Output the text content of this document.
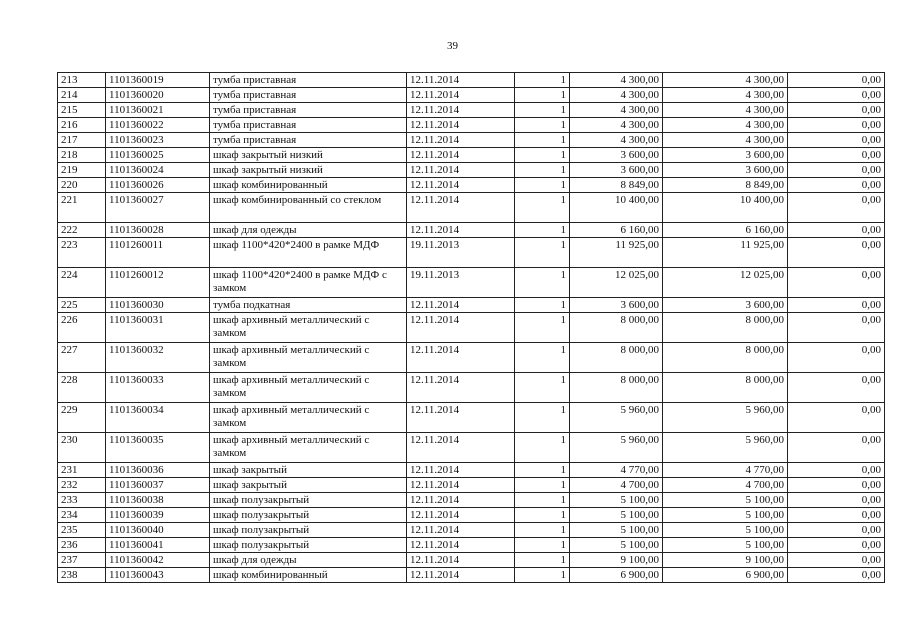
39
213	1101360019	тумба приставная	12.11.2014	1	4 300,00	4 300,00	0,00
214	1101360020	тумба приставная	12.11.2014	1	4 300,00	4 300,00	0,00
215	1101360021	тумба приставная	12.11.2014	1	4 300,00	4 300,00	0,00
216	1101360022	тумба приставная	12.11.2014	1	4 300,00	4 300,00	0,00
217	1101360023	тумба приставная	12.11.2014	1	4 300,00	4 300,00	0,00
218	1101360025	шкаф закрытый низкий	12.11.2014	1	3 600,00	3 600,00	0,00
219	1101360024	шкаф закрытый низкий	12.11.2014	1	3 600,00	3 600,00	0,00
220	1101360026	шкаф комбинированный	12.11.2014	1	8 849,00	8 849,00	0,00
221	1101360027	шкаф комбинированный со стеклом	12.11.2014	1	10 400,00	10 400,00	0,00
222	1101360028	шкаф для одежды	12.11.2014	1	6 160,00	6 160,00	0,00
223	1101260011	шкаф 1100*420*2400 в рамке МДФ	19.11.2013	1	11 925,00	11 925,00	0,00
224	1101260012	шкаф 1100*420*2400 в рамке МДФ с замком	19.11.2013	1	12 025,00	12 025,00	0,00
225	1101360030	тумба подкатная	12.11.2014	1	3 600,00	3 600,00	0,00
226	1101360031	шкаф архивный металлический с замком	12.11.2014	1	8 000,00	8 000,00	0,00
227	1101360032	шкаф архивный металлический с замком	12.11.2014	1	8 000,00	8 000,00	0,00
228	1101360033	шкаф архивный металлический с замком	12.11.2014	1	8 000,00	8 000,00	0,00
229	1101360034	шкаф архивный металлический с замком	12.11.2014	1	5 960,00	5 960,00	0,00
230	1101360035	шкаф архивный металлический с замком	12.11.2014	1	5 960,00	5 960,00	0,00
231	1101360036	шкаф закрытый	12.11.2014	1	4 770,00	4 770,00	0,00
232	1101360037	шкаф закрытый	12.11.2014	1	4 700,00	4 700,00	0,00
233	1101360038	шкаф полузакрытый	12.11.2014	1	5 100,00	5 100,00	0,00
234	1101360039	шкаф полузакрытый	12.11.2014	1	5 100,00	5 100,00	0,00
235	1101360040	шкаф полузакрытый	12.11.2014	1	5 100,00	5 100,00	0,00
236	1101360041	шкаф полузакрытый	12.11.2014	1	5 100,00	5 100,00	0,00
237	1101360042	шкаф для одежды	12.11.2014	1	9 100,00	9 100,00	0,00
238	1101360043	шкаф комбинированный	12.11.2014	1	6 900,00	6 900,00	0,00
